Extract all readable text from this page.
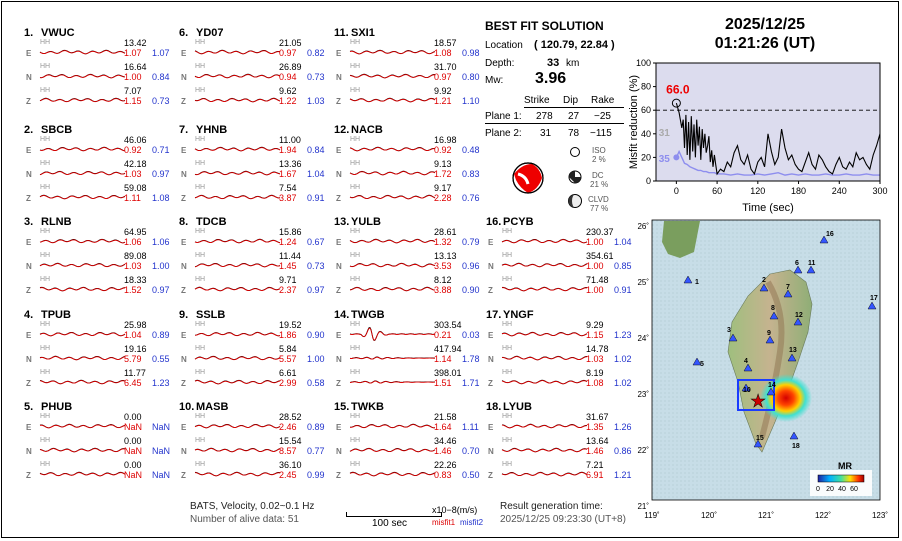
1. VWUC
HH
E
13.42
1.07 1.07
HH
N
16.64
1.00 0.84
HH
Z
7.07
1.15 0.73
2. SBCB
HH
E
46.06
0.92 0.71
HH
N
42.18
1.03 0.97
HH
Z
59.08
1.11 1.08
3. RLNB
HH
E
64.95
1.06 1.06
HH
N
89.08
1.03 1.00
HH
Z
18.33
1.52 0.97
4. TPUB
HH
E
25.98
1.04 0.89
HH
N
19.16
5.79 0.55
HH
Z
11.77
6.45 1.23
5. PHUB
HH
E
0.00
NaN NaN
HH
N
0.00
NaN NaN
HH
Z
0.00
NaN NaN
6. YD07
HH
E
21.05
0.97 0.82
HH
N
26.89
0.94 0.73
HH
Z
9.62
1.22 1.03
7. YHNB
HH
E
11.00
1.94 0.84
HH
N
13.36
1.67 1.04
HH
Z
7.54
3.87 0.91
8. TDCB
HH
E
15.86
1.24 0.67
HH
N
11.44
1.45 0.73
HH
Z
9.71
2.37 0.97
9. SSLB
HH
E
19.52
1.86 0.90
HH
N
5.84
5.57 1.00
HH
Z
6.61
2.99 0.58
10. MASB
HH
E
28.52
2.46 0.89
HH
N
15.54
8.57 0.77
HH
Z
36.10
2.45 0.99
11. SXI1
HH
E
18.57
1.08 0.98
HH
N
31.70
0.97 0.80
HH
Z
9.92
1.21 1.10
12. NACB
HH
E
16.98
0.92 0.48
HH
N
9.13
1.72 0.83
HH
Z
9.17
2.28 0.76
13. YULB
HH
E
28.61
1.32 0.79
HH
N
13.13
3.53 0.96
HH
Z
8.12
3.88 0.90
14. TWGB
HH
E
303.54
0.21 0.03
HH
N
417.94
1.14 1.78
HH
Z
398.01
1.51 1.71
15. TWKB
HH
E
21.58
1.64 1.11
HH
N
34.46
1.46 0.70
HH
Z
22.26
0.83 0.50
16. PCYB
HH
E
230.37
1.00 1.04
HH
N
354.61
1.00 0.85
HH
Z
71.48
1.00 0.91
17. YNGF
HH
E
9.29
1.15 1.23
HH
N
14.78
1.03 1.02
HH
Z
8.19
1.08 1.02
18. LYUB
HH
E
31.67
1.35 1.26
HH
N
13.64
1.46 0.86
HH
Z
7.21
6.91 1.21
BATS, Velocity, 0.02~0.1 Hz
Number of alive data: 51	100 sec
x10−8(m/s)
misfit1 misfit2
Result generation time:
2025/12/25 09:23:30 (UT+8)
BEST FIT SOLUTION
Location ( 120.79, 22.84 )
Depth:	33 km
Mw: 3.96
Strike Dip Rake
Plane 1: 278 27 −25
Plane 2: 31 78 −115
ISO
2 %
DC
21 %
CLVD
77 %
2025/12/25
01:21:26 (UT)
66.0
31
35
0	60	120	180	240	300
0
20
40
60
80
100
Time (sec)
Misfit reduction (%)
★
1	2
3
4
5
6
7
8
9
10
11
12
13
14
15
16
17
18
MR
0 20 40 60
119˚	120˚	121˚	122˚	123˚
26˚
25˚
24˚
23˚
22˚
21˚
